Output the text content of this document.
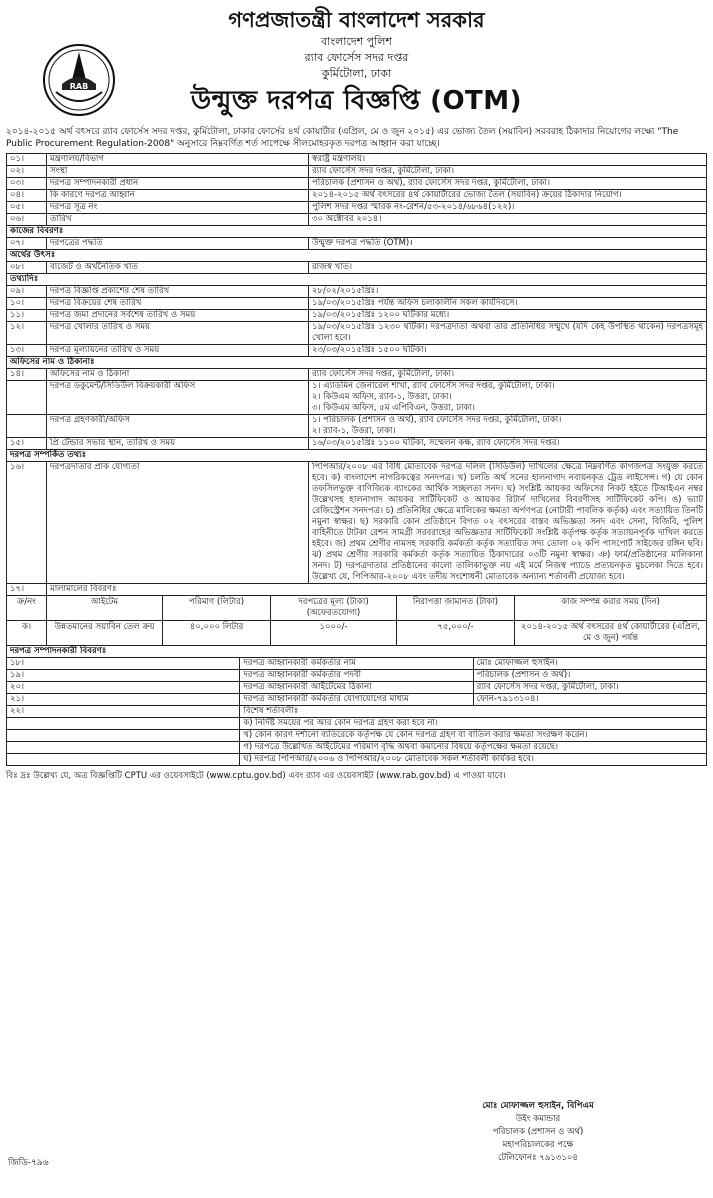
RAB
গণপ্রজাতন্ত্রী বাংলাদেশ সরকার
বাংলাদেশ পুলিশ
র‍্যাব ফোর্সেস সদর দপ্তর
কুর্মিটোলা, ঢাকা
উন্মুক্ত দরপত্র বিজ্ঞপ্তি (OTM)
২০১৪-২০১৫ অর্থ বৎসরে র‍্যাব ফোর্সেস সদর দপ্তর, কুর্মিটোলা, ঢাকার ফোর্সের ৪র্থ কোয়ার্টার (এপ্রিল, মে ও জুন ২০১৫) এর ভোজ্য তৈল (সয়াবিন) সরবরাহ ঠিকাদার নিয়োগের লক্ষ্যে "The Public Procurement Regulation-2008" অনুসারে নিম্নবর্ণিত শর্ত সাপেক্ষে সীলমোহরকৃত দরপত্র আহ্বান করা যাচ্ছে।
০১।	মন্ত্রণালয়/বিভাগ	স্বরাষ্ট্র মন্ত্রণালয়।
০২।	সংস্থা	র‍্যাব ফোর্সেস সদর দপ্তর, কুর্মিটোলা, ঢাকা।
০৩।	দরপত্র সম্পাদনকারী প্রধান	পরিচালক (প্রশাসন ও অর্থ), র‍্যাব ফোর্সেস সদর দপ্তর, কুর্মিটোলা, ঢাকা।
০৪।	কি কারণে দরপত্র আহ্বান	২০১৪-২০১৫ অর্থ বৎসরের ৪র্থ কোয়ার্টারের ভোজ্য তৈল (সয়াবিন) ক্রয়ের ঠিকাদার নিয়োগ।
০৫।	দরপত্র সূত্র নং	পুলিশ সদর দপ্তর স্মারক নং-রেশন/৫৩-২০১৪/৬৮৬৪(১২২)।
০৬।	তারিখ	৩০ অক্টোবর ২০১৪।
কাজের বিবরণঃ		
০৭।	দরপত্রের পদ্ধতি	উন্মুক্ত দরপত্র পদ্ধতি (OTM)।
অর্থের উৎসঃ		
০৮।	বাজেট ও অর্থনৈতিক খাত	রাজস্ব খাত।
তথ্যাদিঃ		
০৯।	দরপত্র বিজ্ঞপ্তি প্রকাশের শেষ তারিখ	২৮/০২/২০১৫খ্রিঃ।
১০।	দরপত্র বিক্রয়ের শেষ তারিখ	১৯/০৩/২০১৫খ্রিঃ পর্যন্ত অফিস চলাকালীন সকল কার্যদিবসে।
১১।	দরপত্র জমা প্রদানের সর্বশেষ তারিখ ও সময়	১৯/০৩/২০১৫খ্রিঃ ১২০০ ঘটিকার মধ্যে।
১২।	দরপত্র খোলার তারিখ ও সময়	১৯/০৩/২০১৫খ্রিঃ ১২৩০ ঘটিকা। দরপত্রদাতা অথবা তার প্রতিনিধির সম্মুখে (যদি কেহ উপস্থিত থাকেন) দরপত্রসমূহ খোলা হবে।
১৩।	দরপত্র মূল্যায়নের তারিখ ও সময়	২৩/০৩/২০১৫খ্রিঃ ১৫০০ ঘটিকা।
অফিসের নাম ও ঠিকানাঃ		
১৪।	অফিসের নাম ও ঠিকানা	র‍্যাব ফোর্সেস সদর দপ্তর, কুর্মিটোলা, ঢাকা।
	দরপত্র ডকুমেন্ট/সিডিউল বিক্রয়কারী অফিস	১। এ্যাডমিন জেনারেল শাখা, র‍্যাব ফোর্সেস সদর দপ্তর, কুর্মিটোলা, ঢাকা।
২। কিউএম অফিস, র‍্যাব-১, উত্তরা, ঢাকা।
৩। কিউএম অফিস, ৫ম এপিবিএন, উত্তরা, ঢাকা।

	দরপত্র গ্রহণকারী/অফিস	১। পরিচালক (প্রশাসন ও অর্থ), র‍্যাব ফোর্সেস সদর দপ্তর, কুর্মিটোলা, ঢাকা।
২। র‍্যাব-১, উত্তরা, ঢাকা।

১৫।	প্রি টেন্ডার সভার স্থান, তারিখ ও সময়	১৬/০৩/২০১৫খ্রিঃ ১১০০ ঘটিকা, সম্মেলন কক্ষ, র‍্যাব ফোর্সেস সদর দপ্তর।
দরপত্র সম্পর্কিত তথ্যঃ		
১৬।	দরপত্রদাতার প্রাক যোগ্যতা	পিপিআর/২০০৮ এর বিধি মোতাবেক দরপত্র দলিল (সিডিউল) দাখিলের ক্ষেত্রে নিম্নবর্ণিত কাগজপত্র সংযুক্ত করতে হবে। ক) বাংলাদেশ নাগরিকত্বের সনদপত্র। খ) চলতি অর্থ সনের হালনাগাদ নবায়নকৃত ট্রেড লাইসেন্স। গ) যে কোন তফসিলভুক্ত বাণিজ্যিক ব্যাংকের আর্থিক সচ্ছলতা সনদ। ঘ) সংশ্লিষ্ট আয়কর অফিসের নিকট হইতে টিআইএন নম্বর উল্লেখসহ হালনাগাদ আয়কর সার্টিফিকেট ও আয়কর রিটার্ন দাখিলের বিবরণীসহ সার্টিফিকেট কপি। ঙ) ভ্যাট রেজিস্ট্রেশন সনদপত্র। চ) প্রতিনিধির ক্ষেত্রে মালিকের ক্ষমতা অর্পণপত্র (নোটারী পাবলিক কর্তৃক) এবং সত্যায়িত তিনটি নমুনা স্বাক্ষর। ছ) সরকারি কোন প্রতিষ্ঠানে বিগত ০২ বৎসরের বাস্তব অভিজ্ঞতা সনদ এবং সেনা, বিজিবি, পুলিশ বাহিনীতে টাটকা রেশন সামগ্রী সরবরাহের অভিজ্ঞতার সার্টিফিকেট সংশ্লিষ্ট কর্তৃপক্ষ কর্তৃক সত্যায়নপূর্বক দাখিল করতে হইবে। জ) প্রথম শ্রেণীর নামসহ সরকারি কর্মকর্তা কর্তৃক সত্যায়িত সদ্য তোলা ০২ কপি পাসপোর্ট সাইজের রঙ্গিন ছবি। ঝ) প্রথম শ্রেণীর সরকারি কর্মকর্তা কর্তৃক সত্যায়িত ঠিকাদারের ০৩টি নমুনা স্বাক্ষর। ঞ) ফার্ম/প্রতিষ্ঠানের মালিকানা সনদ। ট) দরপত্রদাতার প্রতিষ্ঠানের কালো তালিকাভুক্ত নয় এই মর্মে নিজস্ব প্যাডে প্রত্যয়নকৃত মুচলেকা দিতে হবে। উল্লেখ্য যে, পিপিআর-২০০৮ এবং তদীয় সংশোধনী মোতাবেক অন্যান্য শর্তাবলী প্রযোজ্য হবে।
১৭।	মালামালের বিবরণঃ	
ক্র/নং	আইটেম	পরিমাণ (লিটার)	দরপত্রের মূল্য (টাকা) (অফেরতযোগ্য)	নিরাপত্তা জামানত (টাকা)	কাজ সম্পন্ন করার সময় (দিন)
ক।	উন্নতমানের সয়াবিন তেল ক্রয়	৪০,০০০ লিটার	১০০০/-	৭৫,০০০/-	২০১৪-২০১৫ অর্থ বৎসরের ৪র্থ কোয়ার্টারের (এপ্রিল, মে ও জুন) পর্যন্ত
দরপত্র সম্পাদনকারী বিবরণঃ		
১৮।	দরপত্র আহ্বানকারী কর্মকর্তার নাম	মোঃ মোফাজ্জল হুসাইন।
১৯।	দরপত্র আহ্বানকারী কর্মকর্তার পদবী	পরিচালক (প্রশাসন ও অর্থ)।
২০।	দরপত্র আহ্বানকারী আইটেমের ঠিকানা	র‍্যাব ফোর্সেস সদর দপ্তর, কুর্মিটোলা, ঢাকা।
২১।	দরপত্র আহ্বানকারী কর্মকর্তার যোগাযোগের মাধ্যম	ফোন-৭৯১৩১০৪।
২২।	বিশেষ শর্তাবলীঃ	
	ক) নির্দিষ্ট সময়ের পর আর কোন দরপত্র গ্রহণ করা হবে না।	
	খ) কোন কারণ দর্শানো ব্যতিরেকে কর্তৃপক্ষ যে কোন দরপত্র গ্রহণ বা বাতিল করার ক্ষমতা সংরক্ষণ করেন।	
	গ) দরপত্রে উল্লেখিত আইটেমের পরিমাণ বৃদ্ধি অথবা কমানোর বিষয়ে কর্তৃপক্ষের ক্ষমতা রয়েছে।	
	ঘ) দরপত্র পিপিআর/২০০৬ ও পিপিআর/২০০৮ মোতাবেক সকল শর্তাবলী কার্যকর হবে।	
বিঃ দ্রঃ উল্লেখ্য যে, অত্র বিজ্ঞপ্তিটি CPTU এর ওয়েবসাইটে (www.cptu.gov.bd) এবং র‍্যাব এর ওয়েবসাইট (www.rab.gov.bd) এ পাওয়া যাবে।
মোঃ মোফাজ্জল হুসাইন, বিপিএম
উইং কমান্ডার
পরিচালক (প্রশাসন ও অর্থ)
মহাপরিচালকের পক্ষে
টেলিফোনঃ ৭৯১৩১০৪
জিডি-৭৯৬
